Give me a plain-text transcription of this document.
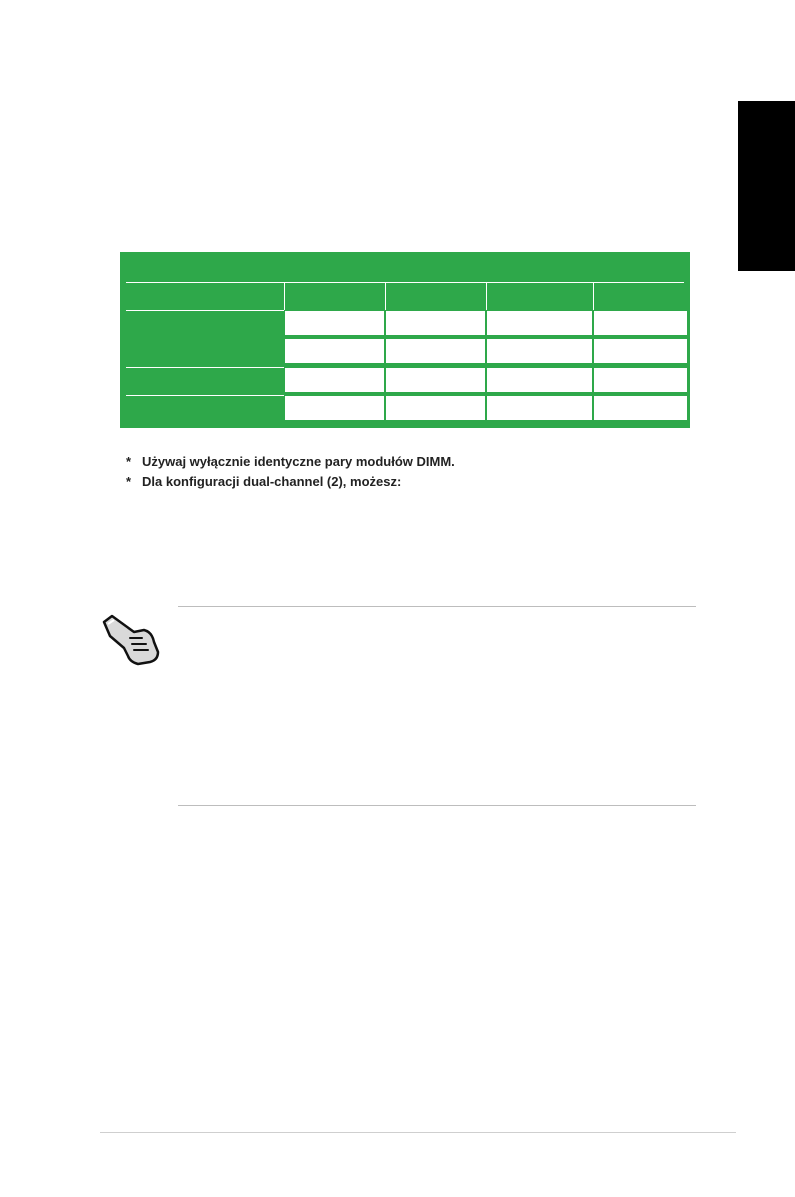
* Używaj wyłącznie identyczne pary modułów DIMM.
* Dla konfiguracji dual-channel (2), możesz:
